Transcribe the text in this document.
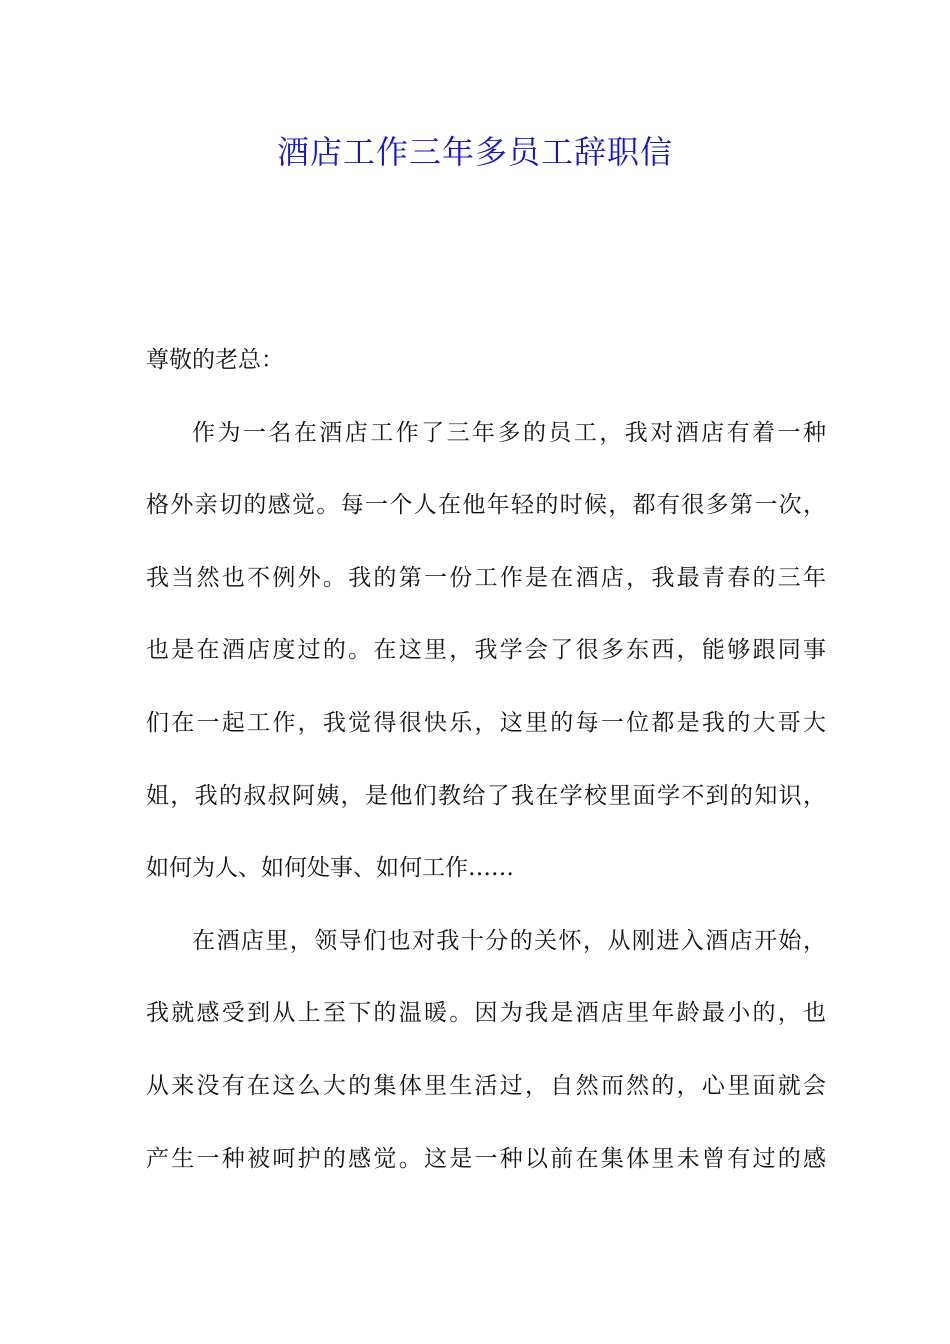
酒店工作三年多员工辞职信
尊敬的老总：
作为一名在酒店工作了三年多的员工，我对酒店有着一种
格外亲切的感觉。每一个人在他年轻的时候，都有很多第一次，
我当然也不例外。我的第一份工作是在酒店，我最青春的三年
也是在酒店度过的。在这里，我学会了很多东西，能够跟同事
们在一起工作，我觉得很快乐，这里的每一位都是我的大哥大
姐，我的叔叔阿姨，是他们教给了我在学校里面学不到的知识，
如何为人、如何处事、如何工作……
在酒店里，领导们也对我十分的关怀，从刚进入酒店开始，
我就感受到从上至下的温暖。因为我是酒店里年龄最小的，也
从来没有在这么大的集体里生活过，自然而然的，心里面就会
产生一种被呵护的感觉。这是一种以前在集体里未曾有过的感
